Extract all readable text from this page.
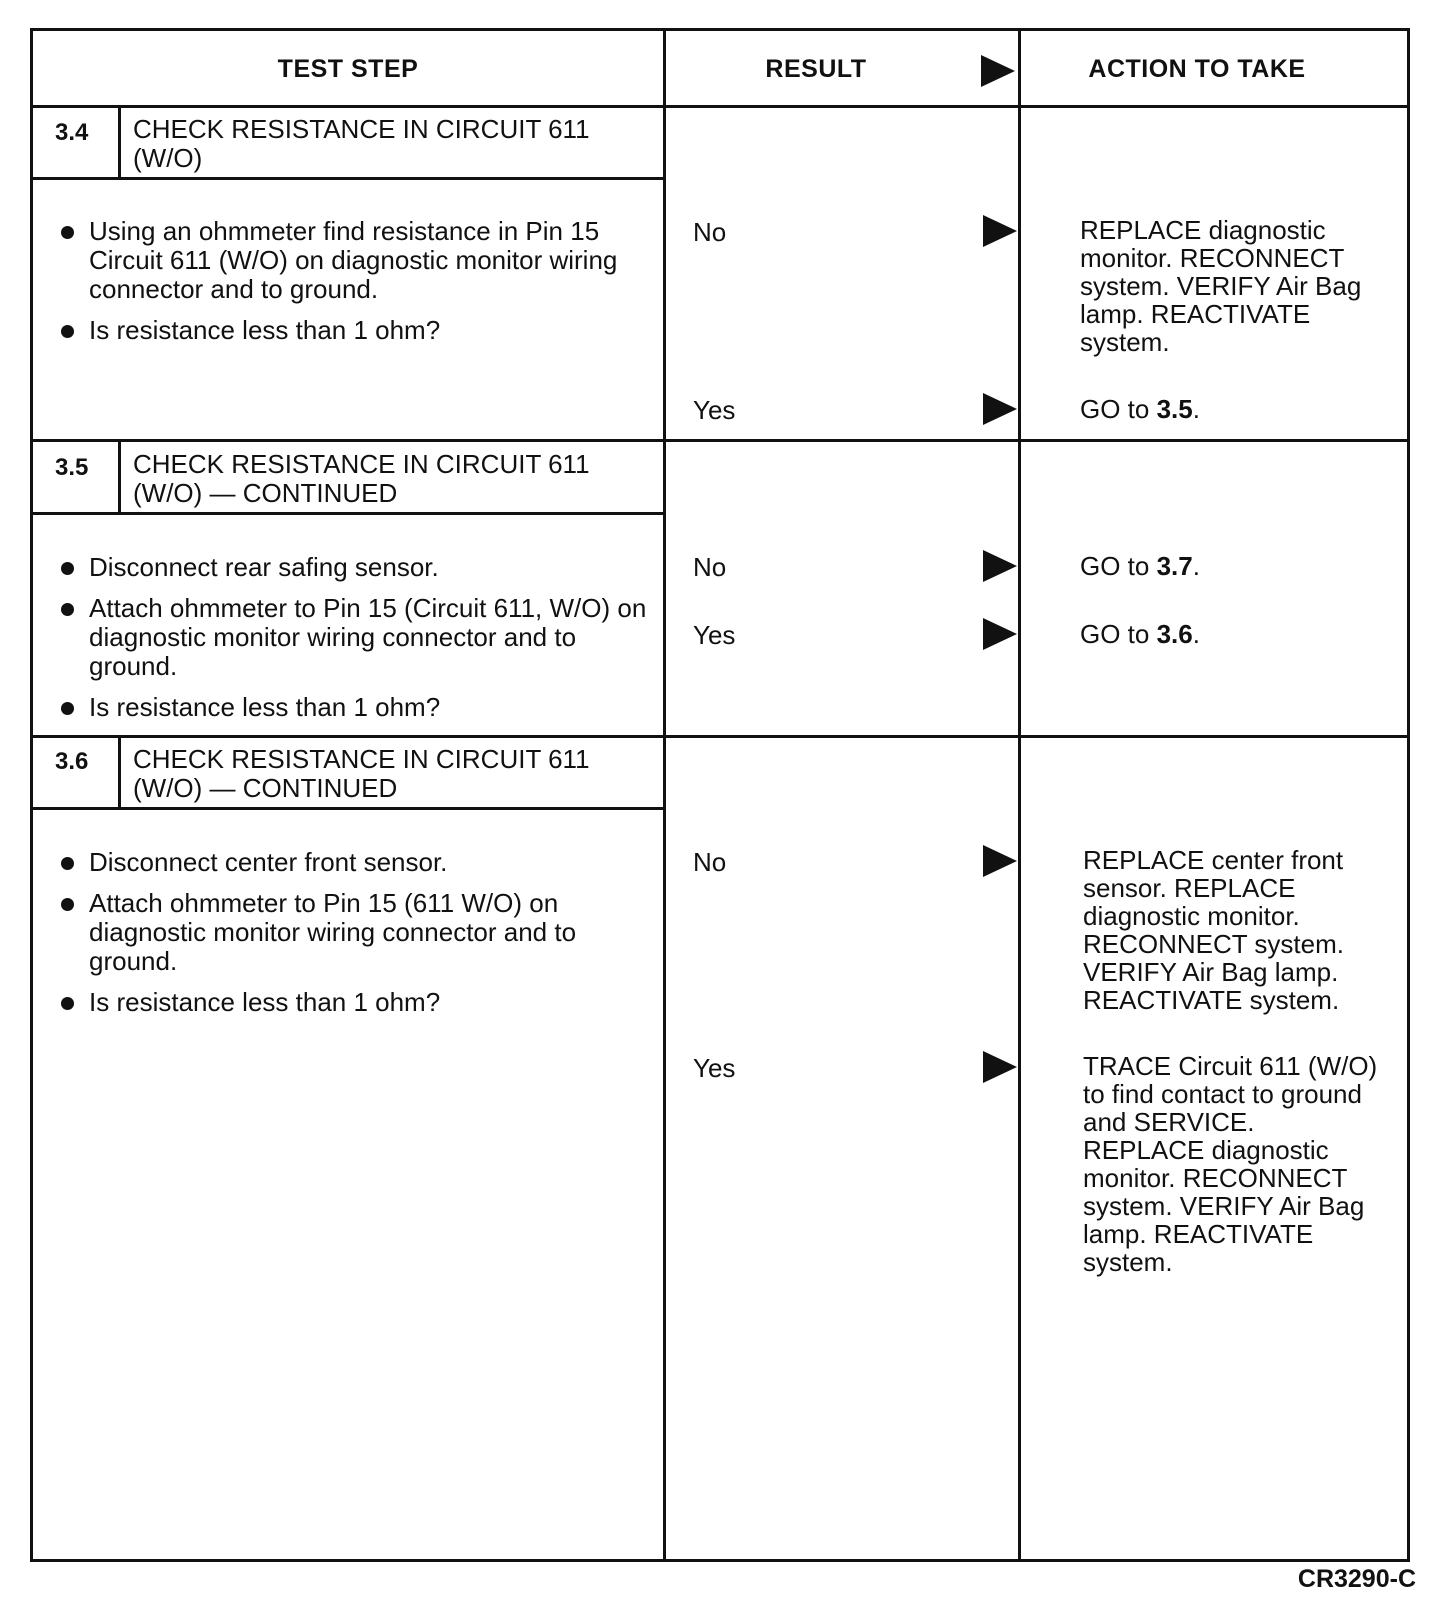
TEST STEP	RESULT	ACTION TO TAKE
3.4 CHECK RESISTANCE IN CIRCUIT 611 (W/O)
Using an ohmmeter find resistance in Pin 15 Circuit 611 (W/O) on diagnostic monitor wiring connector and to ground.
Is resistance less than 1 ohm?
No	REPLACE diagnostic monitor. RECONNECT system. VERIFY Air Bag lamp. REACTIVATE system.
Yes	GO to 3.5.
3.5 CHECK RESISTANCE IN CIRCUIT 611 (W/O) — CONTINUED
Disconnect rear safing sensor.
Attach ohmmeter to Pin 15 (Circuit 611, W/O) on diagnostic monitor wiring connector and to ground.
Is resistance less than 1 ohm?
No	GO to 3.7.
Yes	GO to 3.6.
3.6 CHECK RESISTANCE IN CIRCUIT 611 (W/O) — CONTINUED
Disconnect center front sensor.
Attach ohmmeter to Pin 15 (611 W/O) on diagnostic monitor wiring connector and to ground.
Is resistance less than 1 ohm?
No	REPLACE center front sensor. REPLACE diagnostic monitor. RECONNECT system. VERIFY Air Bag lamp. REACTIVATE system.
Yes	TRACE Circuit 611 (W/O) to find contact to ground and SERVICE. REPLACE diagnostic monitor. RECONNECT system. VERIFY Air Bag lamp. REACTIVATE system.
CR3290-C
